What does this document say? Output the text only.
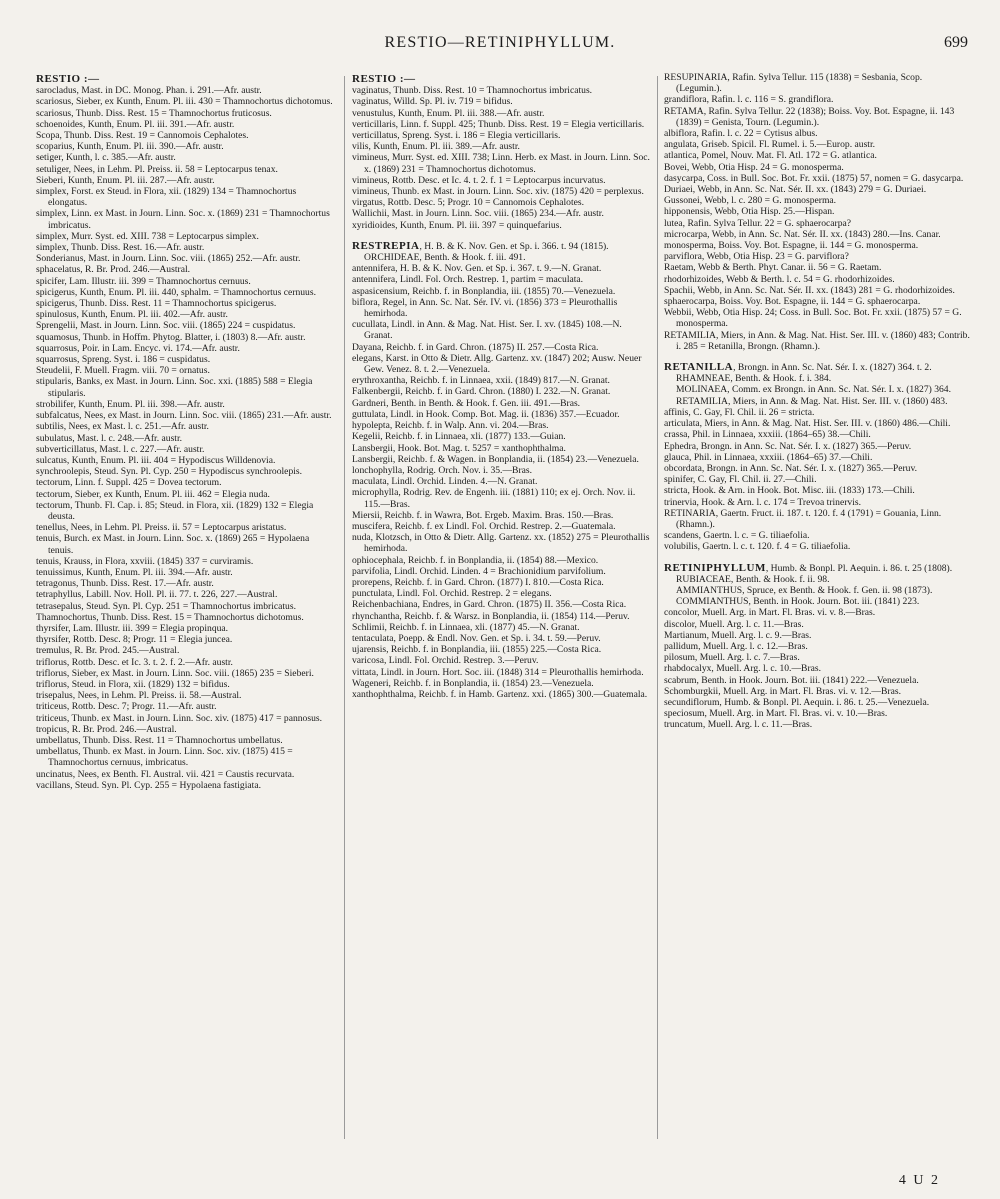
RESTIO—RETINIPHYLLUM.	699
RESTIO :—

sarocladus, Mast. in DC. Monog. Phan. i. 291.—Afr. austr.

scariosus, Sieber, ex Kunth, Enum. Pl. iii. 430 = Thamnochortus dichotomus.

scariosus, Thunb. Diss. Rest. 15 = Thamnochortus fruticosus.

schoenoides, Kunth, Enum. Pl. iii. 391.—Afr. austr.

Scopa, Thunb. Diss. Rest. 19 = Cannomois Cephalotes.

scoparius, Kunth, Enum. Pl. iii. 390.—Afr. austr.

setiger, Kunth, l. c. 385.—Afr. austr.

setuliger, Nees, in Lehm. Pl. Preiss. ii. 58 = Leptocarpus tenax.

Sieberi, Kunth, Enum. Pl. iii. 287.—Afr. austr.

simplex, Forst. ex Steud. in Flora, xii. (1829) 134 = Thamnochortus elongatus.

simplex, Linn. ex Mast. in Journ. Linn. Soc. x. (1869) 231 = Thamnochortus imbricatus.

simplex, Murr. Syst. ed. XIII. 738 = Leptocarpus simplex.

simplex, Thunb. Diss. Rest. 16.—Afr. austr.

Sonderianus, Mast. in Journ. Linn. Soc. viii. (1865) 252.—Afr. austr.

sphacelatus, R. Br. Prod. 246.—Austral.

spicifer, Lam. Illustr. iii. 399 = Thamnochortus cernuus.

spicigerus, Kunth, Enum. Pl. iii. 440, sphalm. = Thamnochortus cernuus.

spicigerus, Thunb. Diss. Rest. 11 = Thamnochortus spicigerus.

spinulosus, Kunth, Enum. Pl. iii. 402.—Afr. austr.

Sprengelii, Mast. in Journ. Linn. Soc. viii. (1865) 224 = cuspidatus.

squamosus, Thunb. in Hoffm. Phytog. Blatter, i. (1803) 8.—Afr. austr.

squarrosus, Poir. in Lam. Encyc. vi. 174.—Afr. austr.

squarrosus, Spreng. Syst. i. 186 = cuspidatus.

Steudelii, F. Muell. Fragm. viii. 70 = ornatus.

stipularis, Banks, ex Mast. in Journ. Linn. Soc. xxi. (1885) 588 = Elegia stipularis.

strobilifer, Kunth, Enum. Pl. iii. 398.—Afr. austr.

subfalcatus, Nees, ex Mast. in Journ. Linn. Soc. viii. (1865) 231.—Afr. austr.

subtilis, Nees, ex Mast. l. c. 251.—Afr. austr.

subulatus, Mast. l. c. 248.—Afr. austr.

subverticillatus, Mast. l. c. 227.—Afr. austr.

sulcatus, Kunth, Enum. Pl. iii. 404 = Hypodiscus Willdenovia.

synchroolepis, Steud. Syn. Pl. Cyp. 250 = Hypodiscus synchroolepis.

tectorum, Linn. f. Suppl. 425 = Dovea tectorum.

tectorum, Sieber, ex Kunth, Enum. Pl. iii. 462 = Elegia nuda.

tectorum, Thunb. Fl. Cap. i. 85; Steud. in Flora, xii. (1829) 132 = Elegia deusta.

tenellus, Nees, in Lehm. Pl. Preiss. ii. 57 = Leptocarpus aristatus.

tenuis, Burch. ex Mast. in Journ. Linn. Soc. x. (1869) 265 = Hypolaena tenuis.

tenuis, Krauss, in Flora, xxviii. (1845) 337 = curviramis.

tenuissimus, Kunth, Enum. Pl. iii. 394.—Afr. austr.

tetragonus, Thunb. Diss. Rest. 17.—Afr. austr.

tetraphyllus, Labill. Nov. Holl. Pl. ii. 77. t. 226, 227.—Austral.

tetrasepalus, Steud. Syn. Pl. Cyp. 251 = Thamnochortus imbricatus.

Thamnochortus, Thunb. Diss. Rest. 15 = Thamnochortus dichotomus.

thyrsifer, Lam. Illustr. iii. 399 = Elegia propinqua.

thyrsifer, Rottb. Desc. 8; Progr. 11 = Elegia juncea.

tremulus, R. Br. Prod. 245.—Austral.

triflorus, Rottb. Desc. et Ic. 3. t. 2. f. 2.—Afr. austr.

triflorus, Sieber, ex Mast. in Journ. Linn. Soc. viii. (1865) 235 = Sieberi.

triflorus, Steud. in Flora, xii. (1829) 132 = bifidus.

trisepalus, Nees, in Lehm. Pl. Preiss. ii. 58.—Austral.

triticeus, Rottb. Desc. 7; Progr. 11.—Afr. austr.

triticeus, Thunb. ex Mast. in Journ. Linn. Soc. xiv. (1875) 417 = pannosus.

tropicus, R. Br. Prod. 246.—Austral.

umbellatus, Thunb. Diss. Rest. 11 = Thamnochortus umbellatus.

umbellatus, Thunb. ex Mast. in Journ. Linn. Soc. xiv. (1875) 415 = Thamnochortus cernuus, imbricatus.

uncinatus, Nees, ex Benth. Fl. Austral. vii. 421 = Caustis recurvata.

vacillans, Steud. Syn. Pl. Cyp. 255 = Hypolaena fastigiata.

RESTIO :—

vaginatus, Thunb. Diss. Rest. 10 = Thamnochortus imbricatus.

vaginatus, Willd. Sp. Pl. iv. 719 = bifidus.

venustulus, Kunth, Enum. Pl. iii. 388.—Afr. austr.

verticillaris, Linn. f. Suppl. 425; Thunb. Diss. Rest. 19 = Elegia verticillaris.

verticillatus, Spreng. Syst. i. 186 = Elegia verticillaris.

vilis, Kunth, Enum. Pl. iii. 389.—Afr. austr.

vimineus, Murr. Syst. ed. XIII. 738; Linn. Herb. ex Mast. in Journ. Linn. Soc. x. (1869) 231 = Thamnochortus dichotomus.

vimineus, Rottb. Desc. et Ic. 4. t. 2. f. 1 = Leptocarpus incurvatus.

vimineus, Thunb. ex Mast. in Journ. Linn. Soc. xiv. (1875) 420 = perplexus.

virgatus, Rottb. Desc. 5; Progr. 10 = Cannomois Cephalotes.

Wallichii, Mast. in Journ. Linn. Soc. viii. (1865) 234.—Afr. austr.

xyridioides, Kunth, Enum. Pl. iii. 397 = quinquefarius.

RESTREPIA, H. B. & K. Nov. Gen. et Sp. i. 366. t. 94 (1815). ORCHIDEAE, Benth. & Hook. f. iii. 491.

antennifera, H. B. & K. Nov. Gen. et Sp. i. 367. t. 9.—N. Granat.

antennifera, Lindl. Fol. Orch. Restrep. 1, partim = maculata.

aspasicensium, Reichb. f. in Bonplandia, iii. (1855) 70.—Venezuela.

biflora, Regel, in Ann. Sc. Nat. Sér. IV. vi. (1856) 373 = Pleurothallis hemirhoda.

cucullata, Lindl. in Ann. & Mag. Nat. Hist. Ser. I. xv. (1845) 108.—N. Granat.

Dayana, Reichb. f. in Gard. Chron. (1875) II. 257.—Costa Rica.

elegans, Karst. in Otto & Dietr. Allg. Gartenz. xv. (1847) 202; Ausw. Neuer Gew. Venez. 8. t. 2.—Venezuela.

erythroxantha, Reichb. f. in Linnaea, xxii. (1849) 817.—N. Granat.

Falkenbergii, Reichb. f. in Gard. Chron. (1880) I. 232.—N. Granat.

Gardneri, Benth. in Benth. & Hook. f. Gen. iii. 491.—Bras.

guttulata, Lindl. in Hook. Comp. Bot. Mag. ii. (1836) 357.—Ecuador.

hypoleptа, Reichb. f. in Walp. Ann. vi. 204.—Bras.

Kegelii, Reichb. f. in Linnaea, xli. (1877) 133.—Guian.

Lansbergii, Hook. Bot. Mag. t. 5257 = xanthophthalma.

Lansbergii, Reichb. f. & Wagen. in Bonplandia, ii. (1854) 23.—Venezuela.

lonchophylla, Rodrig. Orch. Nov. i. 35.—Bras.

maculata, Lindl. Orchid. Linden. 4.—N. Granat.

microphylla, Rodrig. Rev. de Engenh. iii. (1881) 110; ex ej. Orch. Nov. ii. 115.—Bras.

Miersii, Reichb. f. in Wawra, Bot. Ergeb. Maxim. Bras. 150.—Bras.

muscifera, Reichb. f. ex Lindl. Fol. Orchid. Restrep. 2.—Guatemala.

nuda, Klotzsch, in Otto & Dietr. Allg. Gartenz. xx. (1852) 275 = Pleurothallis hemirhoda.

ophiocephala, Reichb. f. in Bonplandia, ii. (1854) 88.—Mexico.

parvifolia, Lindl. Orchid. Linden. 4 = Brachionidium parvifolium.

prorepens, Reichb. f. in Gard. Chron. (1877) I. 810.—Costa Rica.

punctulata, Lindl. Fol. Orchid. Restrep. 2 = elegans.

Reichenbachiana, Endres, in Gard. Chron. (1875) II. 356.—Costa Rica.

rhynchantha, Reichb. f. & Warsz. in Bonplandia, ii. (1854) 114.—Peruv.

Schlimii, Reichb. f. in Linnaea, xli. (1877) 45.—N. Granat.

tentaculata, Poepp. & Endl. Nov. Gen. et Sp. i. 34. t. 59.—Peruv.

ujarensis, Reichb. f. in Bonplandia, iii. (1855) 225.—Costa Rica.

varicosa, Lindl. Fol. Orchid. Restrep. 3.—Peruv.

vittata, Lindl. in Journ. Hort. Soc. iii. (1848) 314 = Pleurothallis hemirhoda.

Wageneri, Reichb. f. in Bonplandia, ii. (1854) 23.—Venezuela.

xanthophthalma, Reichb. f. in Hamb. Gartenz. xxi. (1865) 300.—Guatemala.

RESUPINARIA, Rafin. Sylva Tellur. 115 (1838) = Sesbania, Scop. (Legumin.).

grandiflora, Rafin. l. c. 116 = S. grandiflora.

RETAMA, Rafin. Sylva Tellur. 22 (1838); Boiss. Voy. Bot. Espagne, ii. 143 (1839) = Genista, Tourn. (Legumin.).

albiflora, Rafin. l. c. 22 = Cytisus albus.

angulata, Griseb. Spicil. Fl. Rumel. i. 5.—Europ. austr.

atlantica, Pomel, Nouv. Mat. Fl. Atl. 172 = G. atlantica.

Bovei, Webb, Otia Hisp. 24 = G. monosperma.

dasycarpa, Coss. in Bull. Soc. Bot. Fr. xxii. (1875) 57, nomen = G. dasycarpa.

Duriaei, Webb, in Ann. Sc. Nat. Sér. II. xx. (1843) 279 = G. Duriaei.

Gussonei, Webb, l. c. 280 = G. monosperma.

hipponensis, Webb, Otia Hisp. 25.—Hispan.

lutea, Rafin. Sylva Tellur. 22 = G. sphaerocarpa?

microcarpa, Webb, in Ann. Sc. Nat. Sér. II. xx. (1843) 280.—Ins. Canar.

monosperma, Boiss. Voy. Bot. Espagne, ii. 144 = G. monosperma.

parviflora, Webb, Otia Hisp. 23 = G. parviflora?

Raetam, Webb & Berth. Phyt. Canar. ii. 56 = G. Raetam.

rhodorhizoides, Webb & Berth. l. c. 54 = G. rhodorhizoides.

Spachii, Webb, in Ann. Sc. Nat. Sér. II. xx. (1843) 281 = G. rhodorhizoides.

sphaerocarpa, Boiss. Voy. Bot. Espagne, ii. 144 = G. sphaerocarpa.

Webbii, Webb, Otia Hisp. 24; Coss. in Bull. Soc. Bot. Fr. xxii. (1875) 57 = G. monosperma.

RETAMILIA, Miers, in Ann. & Mag. Nat. Hist. Ser. III. v. (1860) 483; Contrib. i. 285 = Retanilla, Brongn. (Rhamn.).

RETANILLA, Brongn. in Ann. Sc. Nat. Sér. I. x. (1827) 364. t. 2. RHAMNEAE, Benth. & Hook. f. i. 384.

MOLINAEA, Comm. ex Brongn. in Ann. Sc. Nat. Sér. I. x. (1827) 364.

RETAMILIA, Miers, in Ann. & Mag. Nat. Hist. Ser. III. v. (1860) 483.

affinis, C. Gay, Fl. Chil. ii. 26 = stricta.

articulata, Miers, in Ann. & Mag. Nat. Hist. Ser. III. v. (1860) 486.—Chili.

crassa, Phil. in Linnaea, xxxiii. (1864–65) 38.—Chili.

Ephedra, Brongn. in Ann. Sc. Nat. Sér. I. x. (1827) 365.—Peruv.

glauca, Phil. in Linnaea, xxxiii. (1864–65) 37.—Chili.

obcordata, Brongn. in Ann. Sc. Nat. Sér. I. x. (1827) 365.—Peruv.

spinifer, C. Gay, Fl. Chil. ii. 27.—Chili.

stricta, Hook. & Arn. in Hook. Bot. Misc. iii. (1833) 173.—Chili.

trinervia, Hook. & Arn. l. c. 174 = Trevoa trinervis.

RETINARIA, Gaertn. Fruct. ii. 187. t. 120. f. 4 (1791) = Gouania, Linn. (Rhamn.).

scandens, Gaertn. l. c. = G. tiliaefolia.

volubilis, Gaertn. l. c. t. 120. f. 4 = G. tiliaefolia.

RETINIPHYLLUM, Humb. & Bonpl. Pl. Aequin. i. 86. t. 25 (1808). RUBIACEAE, Benth. & Hook. f. ii. 98.

AMMIANTHUS, Spruce, ex Benth. & Hook. f. Gen. ii. 98 (1873).

COMMIANTHUS, Benth. in Hook. Journ. Bot. iii. (1841) 223.

concolor, Muell. Arg. in Mart. Fl. Bras. vi. v. 8.—Bras.

discolor, Muell. Arg. l. c. 11.—Bras.

Martianum, Muell. Arg. l. c. 9.—Bras.

pallidum, Muell. Arg. l. c. 12.—Bras.

pilosum, Muell. Arg. l. c. 7.—Bras.

rhabdocalyx, Muell. Arg. l. c. 10.—Bras.

scabrum, Benth. in Hook. Journ. Bot. iii. (1841) 222.—Venezuela.

Schomburgkii, Muell. Arg. in Mart. Fl. Bras. vi. v. 12.—Bras.

secundiflorum, Humb. & Bonpl. Pl. Aequin. i. 86. t. 25.—Venezuela.

speciosum, Muell. Arg. in Mart. Fl. Bras. vi. v. 10.—Bras.

truncatum, Muell. Arg. l. c. 11.—Bras.

4 U 2
